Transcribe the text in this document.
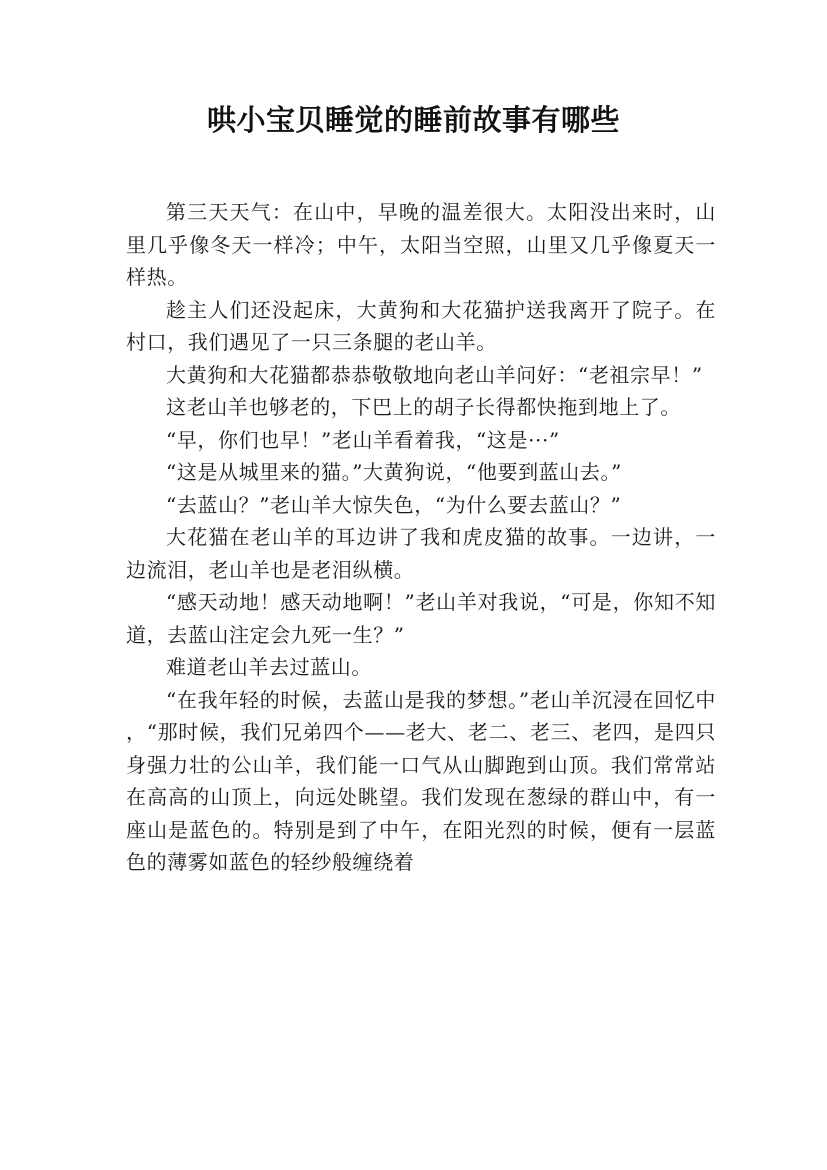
哄小宝贝睡觉的睡前故事有哪些

第三天天气：在山中，早晚的温差很大。太阳没出来时，山里几乎像冬天一样冷；中午，太阳当空照，山里又几乎像夏天一样热。

趁主人们还没起床，大黄狗和大花猫护送我离开了院子。在村口，我们遇见了一只三条腿的老山羊。

大黄狗和大花猫都恭恭敬敬地向老山羊问好：“老祖宗早！”

这老山羊也够老的，下巴上的胡子长得都快拖到地上了。

“早，你们也早！”老山羊看着我，“这是···”

“这是从城里来的猫。”大黄狗说，“他要到蓝山去。”

“去蓝山？”老山羊大惊失色，“为什么要去蓝山？”

大花猫在老山羊的耳边讲了我和虎皮猫的故事。一边讲，一边流泪，老山羊也是老泪纵横。

“感天动地！感天动地啊！”老山羊对我说，“可是，你知不知道，去蓝山注定会九死一生？”

难道老山羊去过蓝山。

“在我年轻的时候，去蓝山是我的梦想。”老山羊沉浸在回忆中，“那时候，我们兄弟四个——老大、老二、老三、老四，是四只身强力壮的公山羊，我们能一口气从山脚跑到山顶。我们常常站在高高的山顶上，向远处眺望。我们发现在葱绿的群山中，有一座山是蓝色的。特别是到了中午，在阳光烈的时候，便有一层蓝色的薄雾如蓝色的轻纱般缠绕着
